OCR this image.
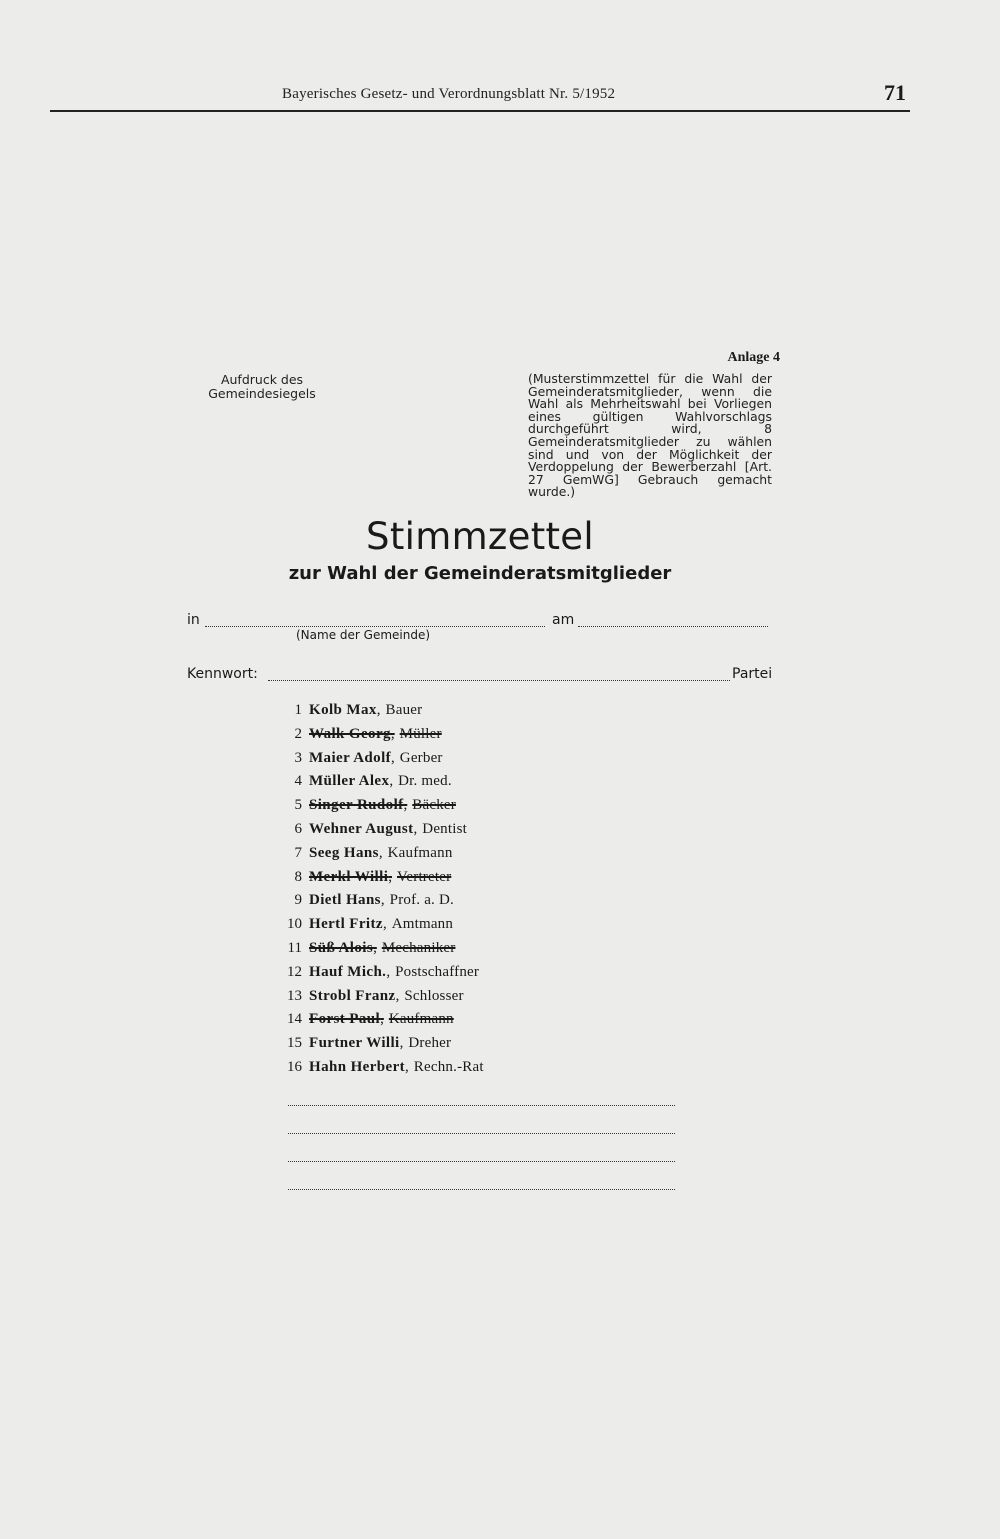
Bayerisches Gesetz- und Verordnungsblatt Nr. 5/1952	71
Aufdruck des
Gemeindesiegels
Anlage 4
(Musterstimmzettel für die Wahl der Gemeinderatsmitglieder, wenn die Wahl als Mehrheitswahl bei Vorliegen eines gültigen Wahlvorschlags durchgeführt wird, 8 Gemeinderatsmitglieder zu wählen sind und von der Möglichkeit der Verdoppelung der Bewerberzahl [Art. 27 GemWG] Gebrauch gemacht wurde.)
Stimmzettel
zur Wahl der Gemeinderatsmitglieder
in	am
(Name der Gemeinde)
Kennwort:	Partei
1 Kolb Max, Bauer
2 Walk Georg, Müller
3 Maier Adolf, Gerber
4 Müller Alex, Dr. med.
5 Singer Rudolf, Bäcker
6 Wehner August, Dentist
7 Seeg Hans, Kaufmann
8 Merkl Willi, Vertreter
9 Dietl Hans, Prof. a. D.
10 Hertl Fritz, Amtmann
11 Süß Alois, Mechaniker
12 Hauf Mich., Postschaffner
13 Strobl Franz, Schlosser
14 Forst Paul, Kaufmann
15 Furtner Willi, Dreher
16 Hahn Herbert, Rechn.-Rat
